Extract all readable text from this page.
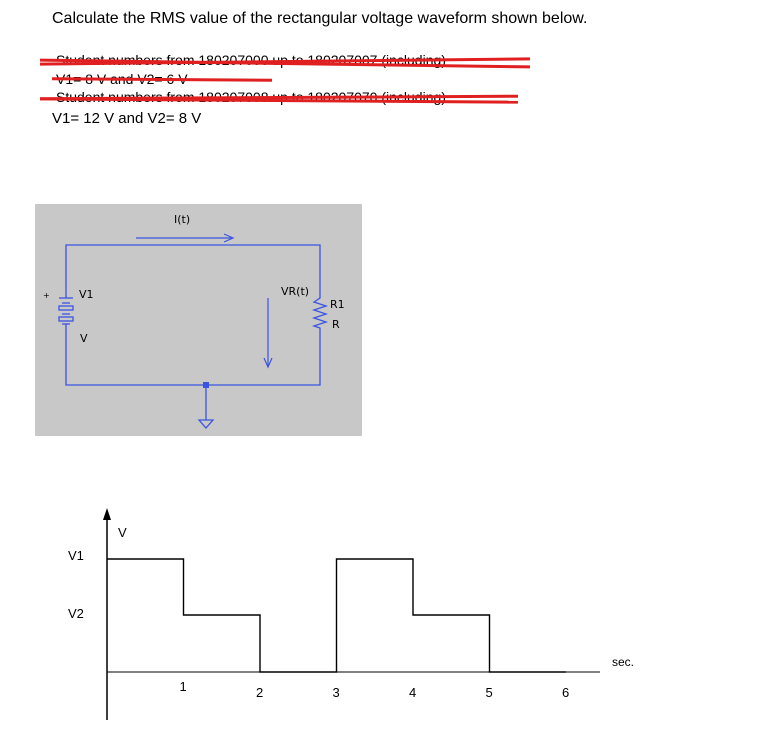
Calculate the RMS value of the rectangular voltage waveform shown below.
V1= 12 V and V2= 8 V
I(t)
+	V1
V
VR(t)
R1
R
V
sec.
V1
V2
1	2	3	4	5	6
